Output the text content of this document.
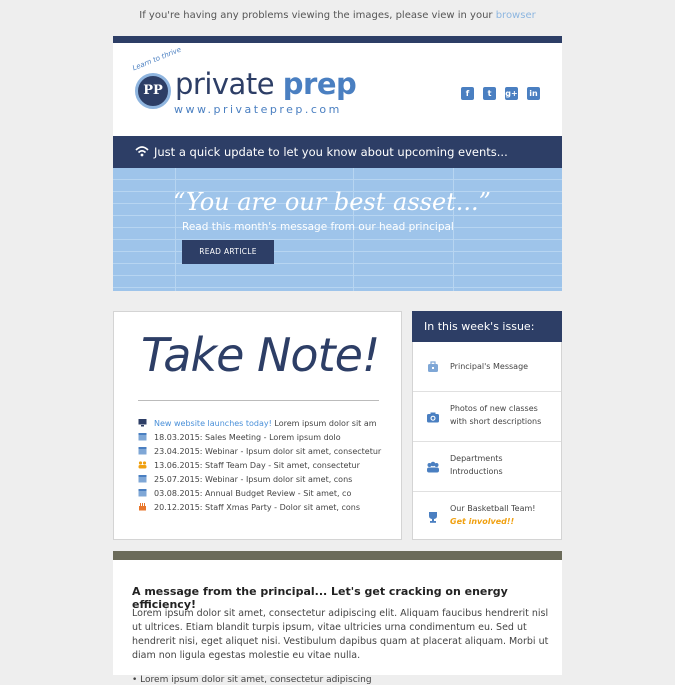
If you're having any problems viewing the images, please view in your browser
Learn to thrive
PP private prep
www.privateprep.com
f	t	g+ in
Just a quick update to let you know about upcoming events...
“You are our best asset...”
Read this month's message from our head principal
READ ARTICLE
Take Note!
New website launches today! Lorem ipsum dolor sit am
18.03.2015: Sales Meeting - Lorem ipsum dolo
23.04.2015: Webinar - Ipsum dolor sit amet, consectetur
13.06.2015: Staff Team Day - Sit amet, consectetur
25.07.2015: Webinar - Ipsum dolor sit amet, cons
03.08.2015: Annual Budget Review - Sit amet, co
20.12.2015: Staff Xmas Party - Dolor sit amet, cons
In this week's issue:
Principal's Message
Photos of new classes
with short descriptions
Departments
Introductions
Our Basketball Team!
Get involved!!
A message from the principal... Let's get cracking on energy efficiency!
Lorem ipsum dolor sit amet, consectetur adipiscing elit. Aliquam faucibus hendrerit nisl ut ultrices. Etiam blandit turpis ipsum, vitae ultricies urna condimentum eu. Sed ut hendrerit nisi, eget aliquet nisi. Vestibulum dapibus quam at placerat aliquam. Morbi ut diam non ligula egestas molestie eu vitae nulla.
• Lorem ipsum dolor sit amet, consectetur adipiscing
